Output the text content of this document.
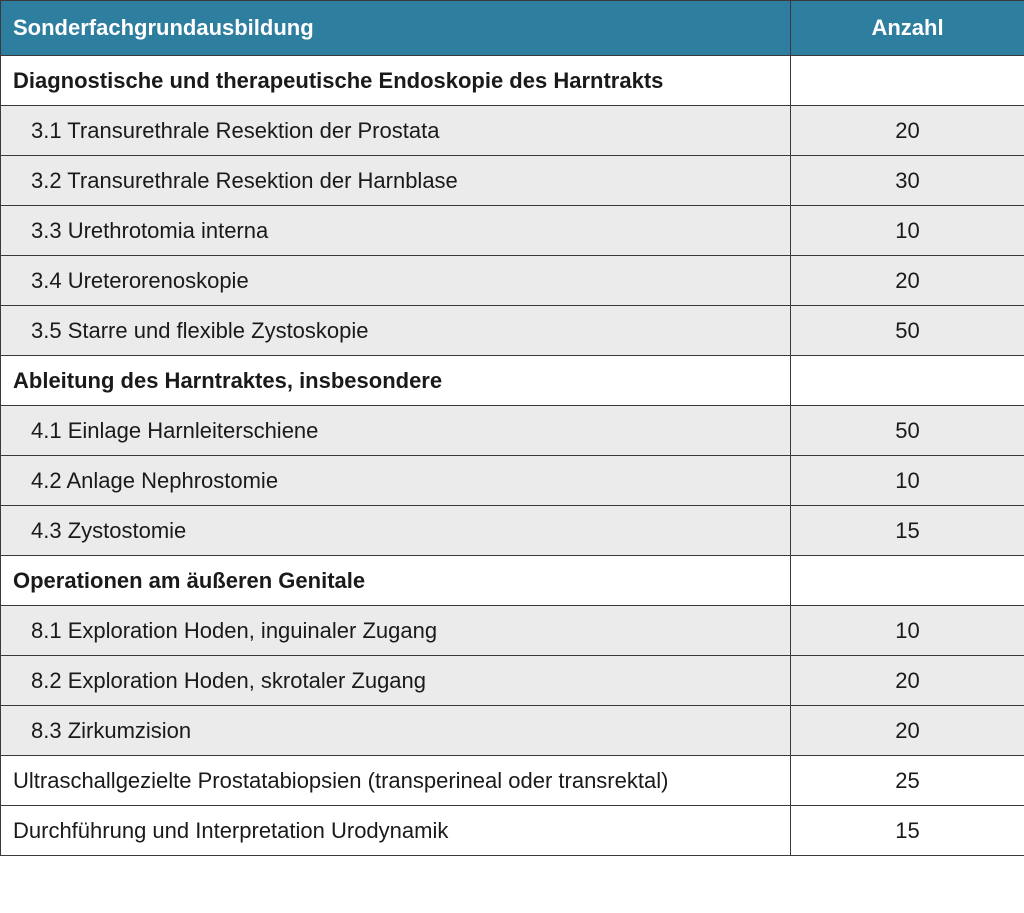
Sonderfachgrundausbildung	Anzahl
Diagnostische und therapeutische Endoskopie des Harntrakts	
3.1 Transurethrale Resektion der Prostata	20
3.2 Transurethrale Resektion der Harnblase	30
3.3 Urethrotomia interna	10
3.4 Ureterorenoskopie	20
3.5 Starre und flexible Zystoskopie	50
Ableitung des Harntraktes, insbesondere	
4.1 Einlage Harnleiterschiene	50
4.2 Anlage Nephrostomie	10
4.3 Zystostomie	15
Operationen am äußeren Genitale	
8.1 Exploration Hoden, inguinaler Zugang	10
8.2 Exploration Hoden, skrotaler Zugang	20
8.3 Zirkumzision	20
Ultraschallgezielte Prostatabiopsien (transperineal oder transrektal)	25
Durchführung und Interpretation Urodynamik	15
